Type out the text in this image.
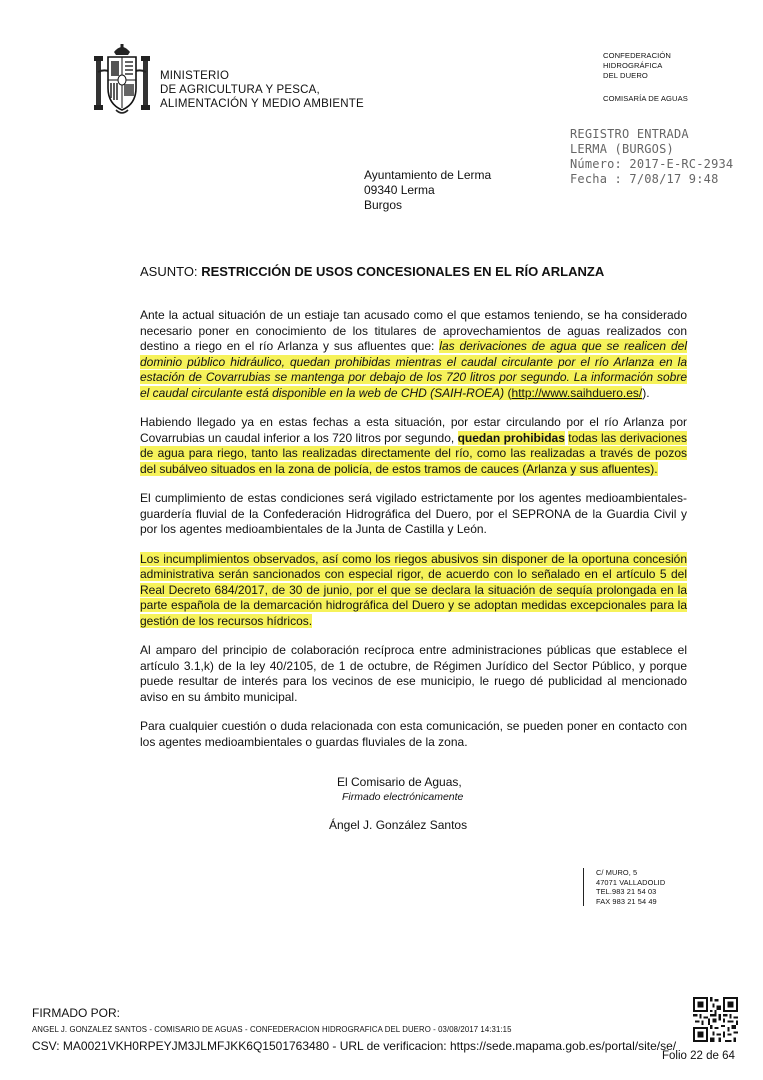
MINISTERIO
DE AGRICULTURA Y PESCA,
ALIMENTACIÓN Y MEDIO AMBIENTE
CONFEDERACIÓN
HIDROGRÁFICA
DEL DUERO
COMISARÍA DE AGUAS
REGISTRO ENTRADA
LERMA (BURGOS)
Número: 2017-E-RC-2934
Fecha : 7/08/17 9:48
Ayuntamiento de Lerma
09340 Lerma
Burgos
ASUNTO: RESTRICCIÓN DE USOS CONCESIONALES EN EL RÍO ARLANZA

Ante la actual situación de un estiaje tan acusado como el que estamos teniendo, se ha considerado necesario poner en conocimiento de los titulares de aprovechamientos de aguas realizados con destino a riego en el río Arlanza y sus afluentes que: las derivaciones de agua que se realicen del dominio público hidráulico, quedan prohibidas mientras el caudal circulante por el río Arlanza en la estación de Covarrubias se mantenga por debajo de los 720 litros por segundo. La información sobre el caudal circulante está disponible en la web de CHD (SAIH-ROEA) (http://www.saihduero.es/).

Habiendo llegado ya en estas fechas a esta situación, por estar circulando por el río Arlanza por Covarrubias un caudal inferior a los 720 litros por segundo, quedan prohibidas todas las derivaciones de agua para riego, tanto las realizadas directamente del río, como las realizadas a través de pozos del subálveo situados en la zona de policía, de estos tramos de cauces (Arlanza y sus afluentes).

El cumplimiento de estas condiciones será vigilado estrictamente por los agentes medioambientales-guardería fluvial de la Confederación Hidrográfica del Duero, por el SEPRONA de la Guardia Civil y por los agentes medioambientales de la Junta de Castilla y León.

Los incumplimientos observados, así como los riegos abusivos sin disponer de la oportuna concesión administrativa serán sancionados con especial rigor, de acuerdo con lo señalado en el artículo 5 del Real Decreto 684/2017, de 30 de junio, por el que se declara la situación de sequía prolongada en la parte española de la demarcación hidrográfica del Duero y se adoptan medidas excepcionales para la gestión de los recursos hídricos.

Al amparo del principio de colaboración recíproca entre administraciones públicas que establece el artículo 3.1,k) de la ley 40/2105, de 1 de octubre, de Régimen Jurídico del Sector Público, y porque puede resultar de interés para los vecinos de ese municipio, le ruego dé publicidad al mencionado aviso en su ámbito municipal.

Para cualquier cuestión o duda relacionada con esta comunicación, se pueden poner en contacto con los agentes medioambientales o guardas fluviales de la zona.

El Comisario de Aguas,
Firmado electrónicamente
Ángel J. González Santos
C/ MURO, 5
47071 VALLADOLID
TEL.983 21 54 03
FAX 983 21 54 49
FIRMADO POR:
ANGEL J. GONZALEZ SANTOS - COMISARIO DE AGUAS - CONFEDERACION HIDROGRAFICA DEL DUERO - 03/08/2017 14:31:15
CSV: MA0021VKH0RPEYJM3JLMFJKK6Q1501763480 - URL de verificacion: https://sede.mapama.gob.es/portal/site/se/
Folio 22 de 64
